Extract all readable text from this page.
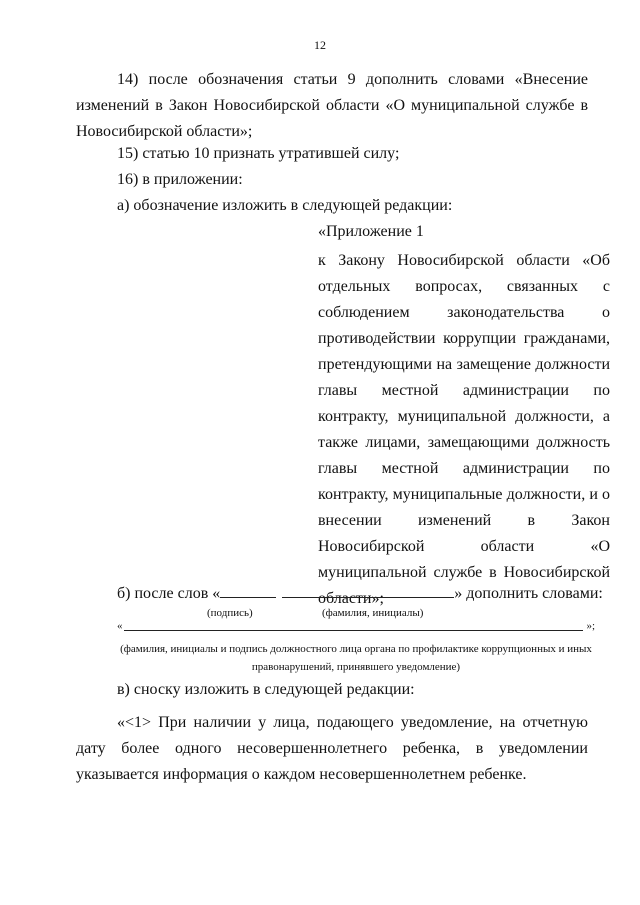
12

14) после обозначения статьи 9 дополнить словами «Внесение изменений в Закон Новосибирской области «О муниципальной службе в Новосибирской области»;

15) статью 10 признать утратившей силу;
16) в приложении:
а) обозначение изложить в следующей редакции:

«Приложение 1

к Закону Новосибирской области «Об отдельных вопросах, связанных с соблюдением законодательства о противодействии коррупции гражданами, претендующими на замещение должности главы местной администрации по контракту, муниципальной должности, а также лицами, замещающими должность главы местной администрации по контракту, муниципальные должности, и о внесении изменений в Закон Новосибирской области «О муниципальной службе в Новосибирской области»;

б) после слов «	» дополнить словами:
(подпись)	(фамилия, инициалы)
«	»;
(фамилия, инициалы и подпись должностного лица органа по профилактике коррупционных и иных правонарушений, принявшего уведомление)
в) сноску изложить в следующей редакции:

«<1> При наличии у лица, подающего уведомление, на отчетную дату более одного несовершеннолетнего ребенка, в уведомлении указывается информация о каждом несовершеннолетнем ребенке.
